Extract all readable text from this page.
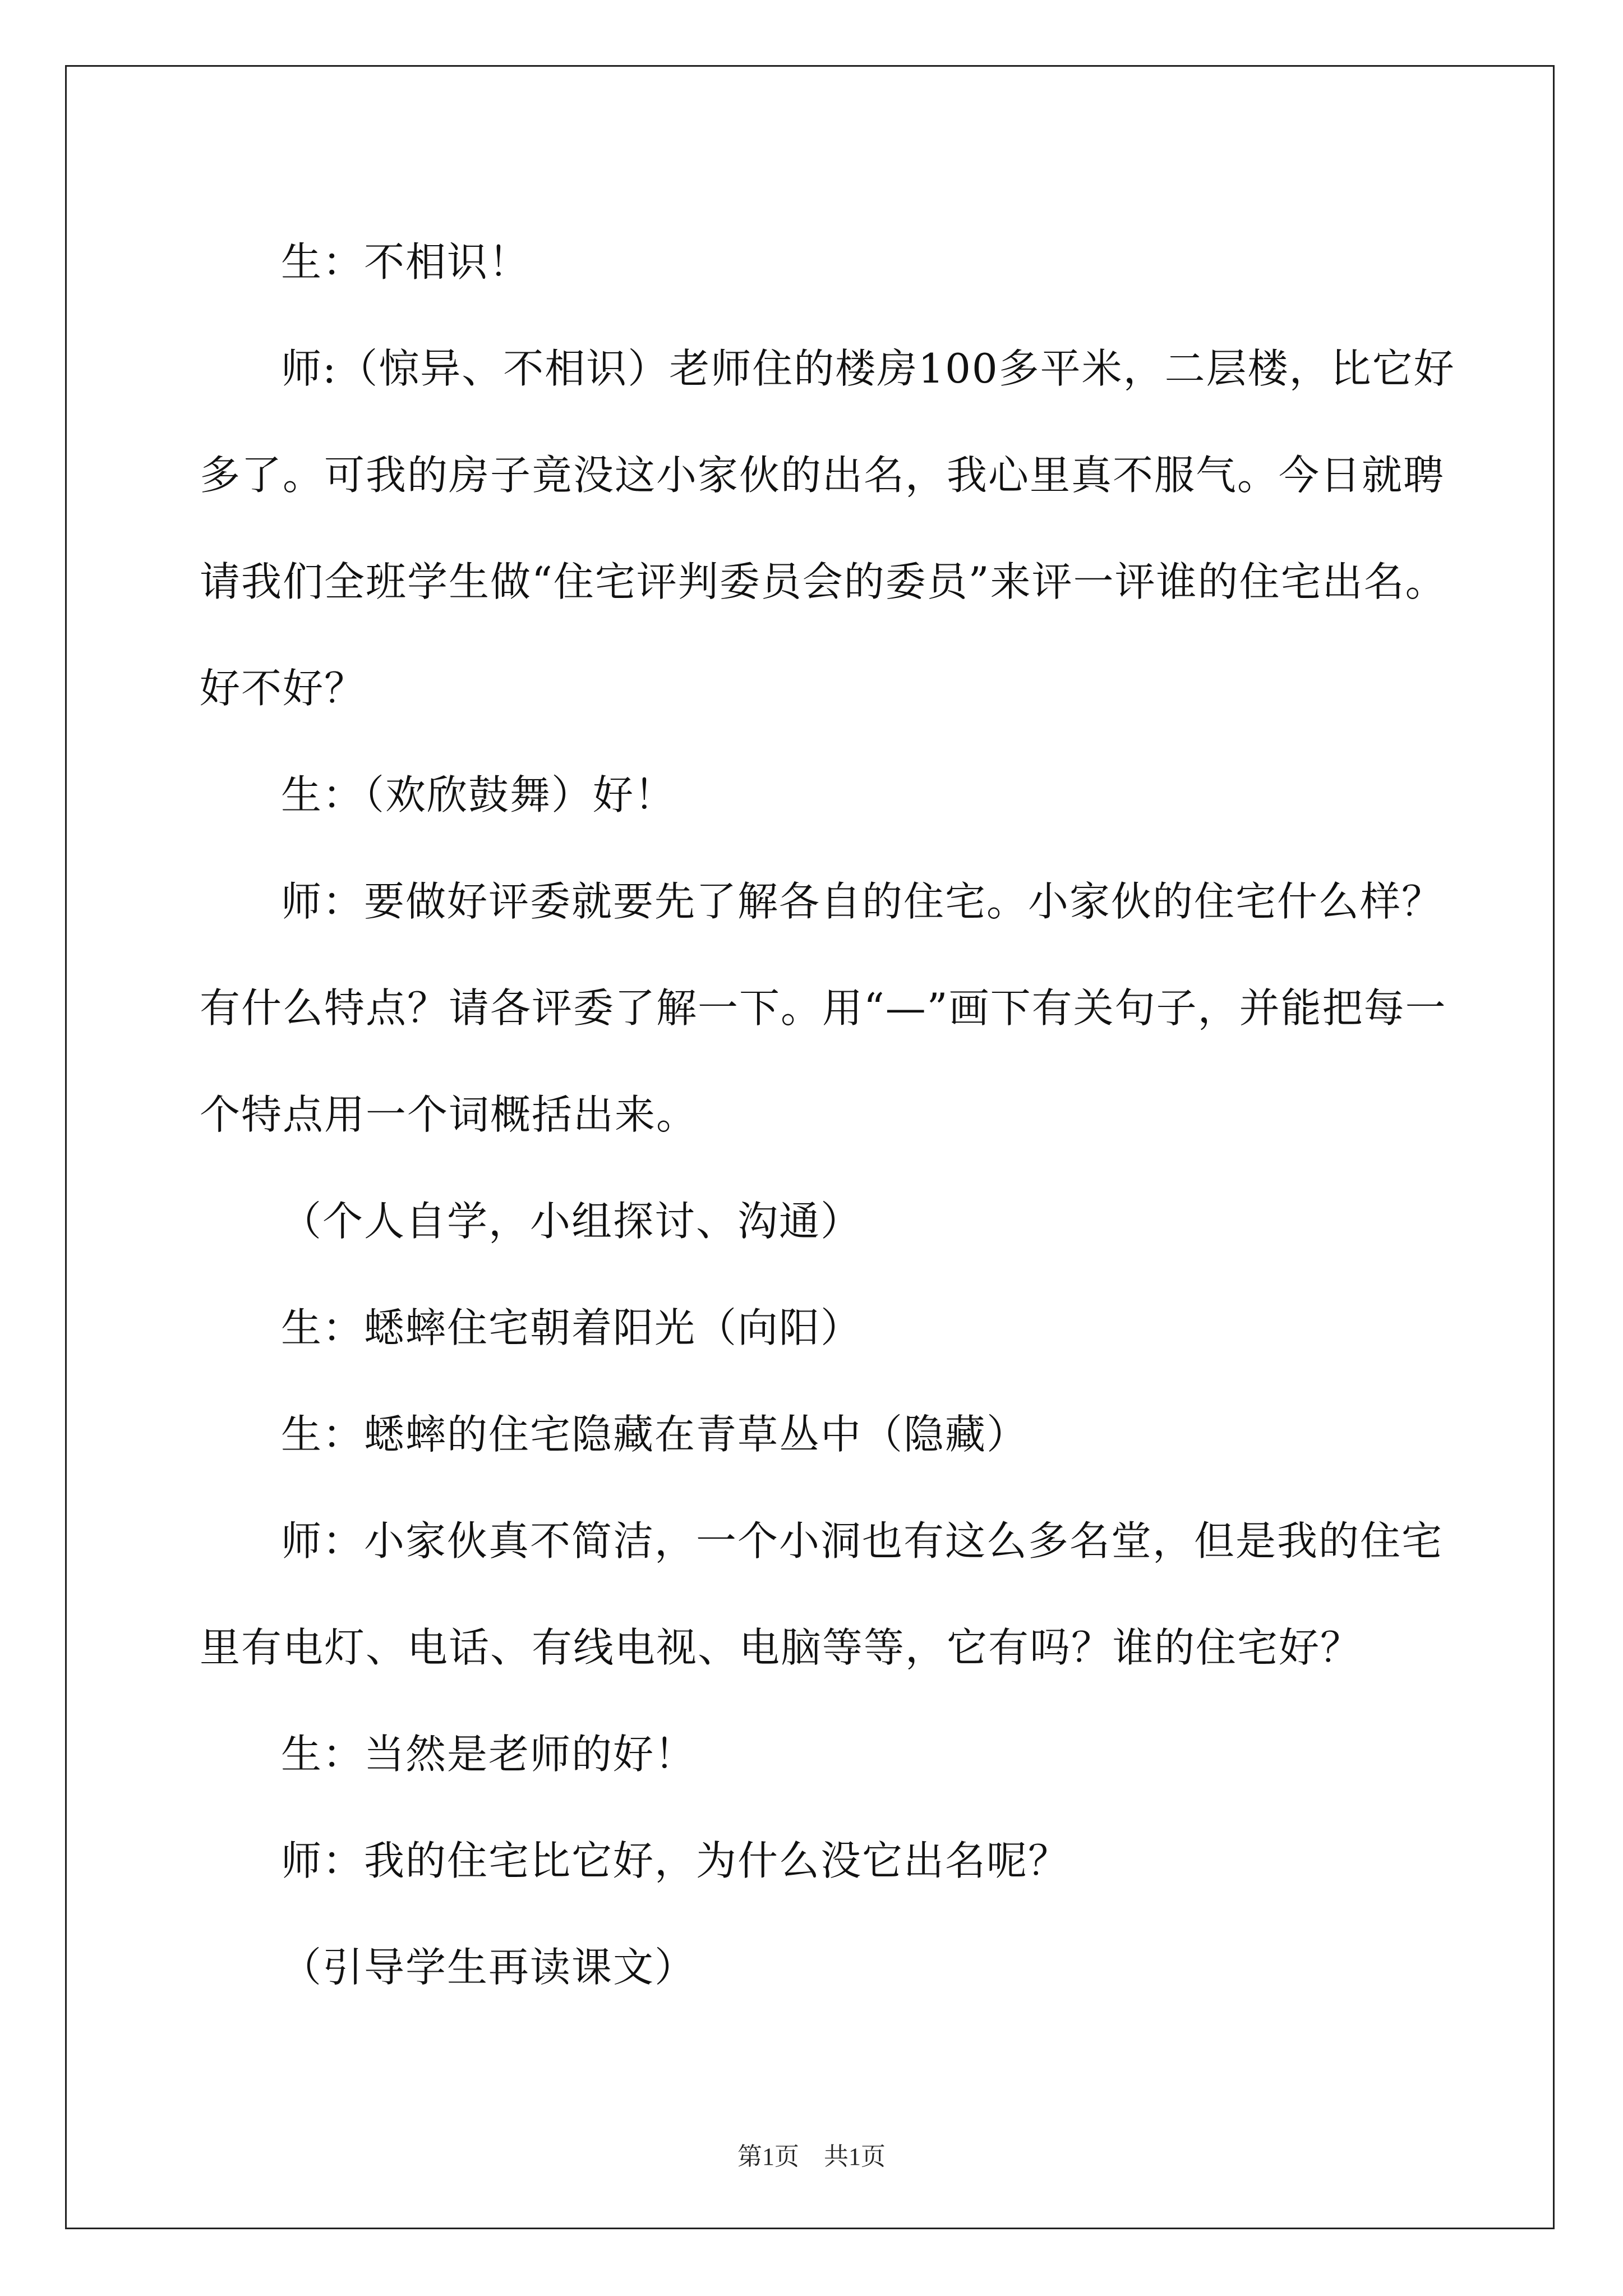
生：不相识！

师:（惊异、不相识）老师住的楼房100多平米，二层楼，比它好多了。可我的房子竟没这小家伙的出名，我心里真不服气。今日就聘请我们全班学生做“住宅评判委员会的委员”来评一评谁的住宅出名。好不好？

生：（欢欣鼓舞）好！

师：要做好评委就要先了解各自的住宅。小家伙的住宅什么样？有什么特点？请各评委了解一下。用“—”画下有关句子，并能把每一个特点用一个词概括出来。

（个人自学，小组探讨、沟通）

生：蟋蟀住宅朝着阳光（向阳）

生：蟋蟀的住宅隐藏在青草丛中（隐藏）

师：小家伙真不简洁，一个小洞也有这么多名堂，但是我的住宅里有电灯、电话、有线电视、电脑等等，它有吗？谁的住宅好？

生：当然是老师的好！

师：我的住宅比它好，为什么没它出名呢？

（引导学生再读课文）

第1页　共1页
